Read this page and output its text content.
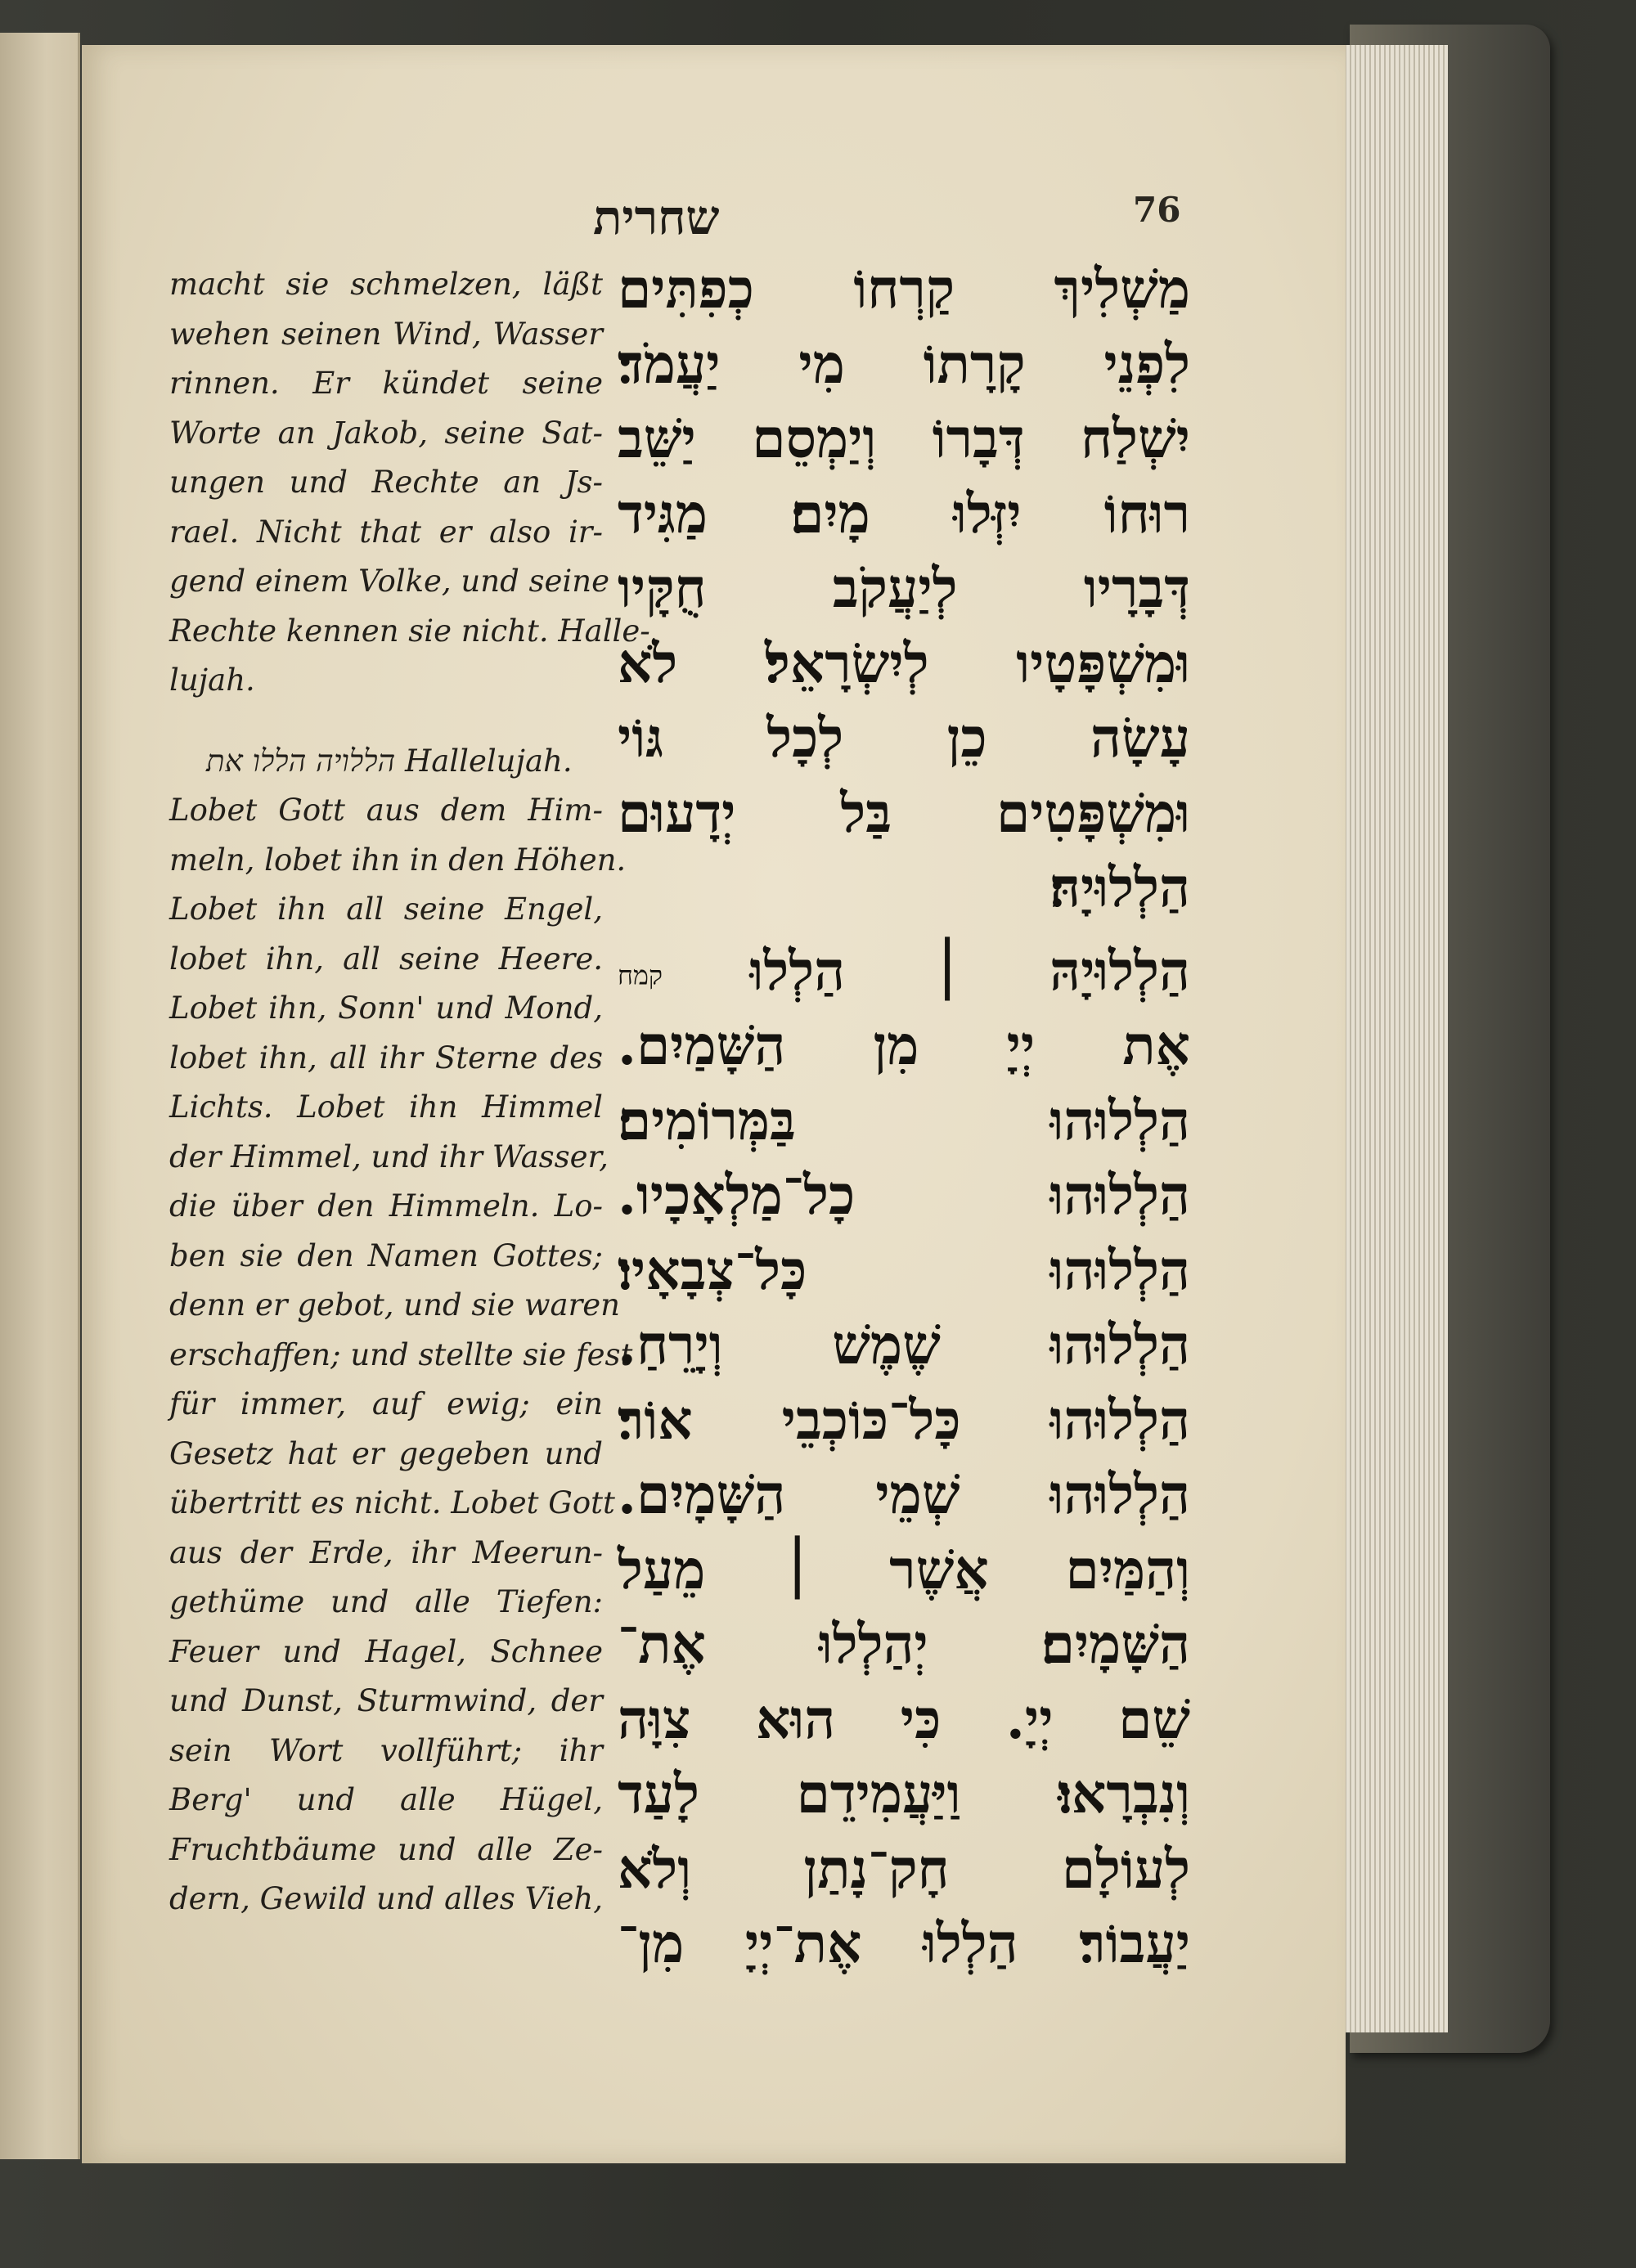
שחרית	76
macht sie schmelzen, läßt
wehen seinen Wind, Wasser
rinnen. Er kündet seine
Worte an Jakob, seine Sat-
ungen und Rechte an Js-
rael. Nicht that er also ir-
gend einem Volke, und seine
Rechte kennen sie nicht. Halle-
lujah.
הללויה הללו את Hallelujah.
Lobet Gott aus dem Him-
meln, lobet ihn in den Höhen.
Lobet ihn all seine Engel,
lobet ihn, all seine Heere.
Lobet ihn, Sonn' und Mond,
lobet ihn, all ihr Sterne des
Lichts. Lobet ihn Himmel
der Himmel, und ihr Wasser,
die über den Himmeln. Lo-
ben sie den Namen Gottes;
denn er gebot, und sie waren
erschaffen; und stellte sie fest
für immer, auf ewig; ein
Gesetz hat er gegeben und
übertritt es nicht. Lobet Gott
aus der Erde, ihr Meerun-
gethüme und alle Tiefen:
Feuer und Hagel, Schnee
und Dunst, Sturmwind, der
sein Wort vollführt; ihr
Berg' und alle Hügel,
Fruchtbäume und alle Ze-
dern, Gewild und alles Vieh,
מַשְׁלִיךְ קַרְחוֹ כְפִתִּים
לִפְנֵי קָרָתוֹ מִי יַעֲמֹד׃
יִשְׁלַח דְּבָרוֹ וְיַמְסֵם יַשֵּׁב
רוּחוֹ יִזְּלוּ מָיִם׃ מַגִּיד
דְּבָרָיו לְיַעֲקֹב חֻקָּיו
וּמִשְׁפָּטָיו לְיִשְׂרָאֵל׃ לֹא
עָשָׂה כֵן לְכָל גּוֹי
וּמִשְׁפָּטִים בַּל יְדָעוּם
הַלְלוּיָהּ׃
הַלְלוּיָהּ ׀ הַלְלוּ קמח
אֶת יְיָ מִן הַשָּׁמַיִם.
הַלְלוּהוּ בַּמְּרוֹמִים׃
הַלְלוּהוּ כָל־מַלְאָכָיו.
הַלְלוּהוּ כָּל־צְבָאָיו׃
הַלְלוּהוּ שֶׁמֶשׁ וְיָרֵחַ.
הַלְלוּהוּ כָּל־כּוֹכְבֵי אוֹר׃
הַלְלוּהוּ שְׁמֵי הַשָּׁמָיִם.
וְהַמַּיִם אֲשֶׁר ׀ מֵעַל
הַשָּׁמָיִם׃ יְהַלְלוּ אֶת־
שֵׁם יְיָ. כִּי הוּא צִוָּה
וְנִבְרָאוּ׃ וַיַּעֲמִידֵם לָעַד
לְעוֹלָם חָק־נָתַן וְלֹא
יַעֲבוֹר׃ הַלְלוּ אֶת־יְיָ מִן־
